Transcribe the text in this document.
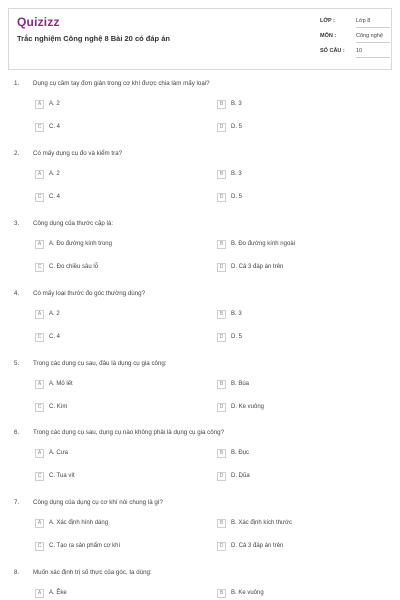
Quizizz
Trắc nghiệm Công nghệ 8 Bài 20 có đáp án
LỚP :	Lớp 8
MÔN :	Công nghệ
SỐ CÂU :	10
1. Dụng cụ cầm tay đơn giản trong cơ khí được chia làm mấy loại?
A	A. 2	B	B. 3
C	C. 4	D	D. 5
2. Có mấy dụng cụ đo và kiểm tra?
A	A. 2	B	B. 3
C	C. 4	D	D. 5
3. Công dụng của thước cặp là:
A	A. Đo đường kính trong	B	B. Đo đường kính ngoài
C	C. Đo chiều sâu lỗ	D	D. Cả 3 đáp án trên
4. Có mấy loại thước đo góc thường dùng?
A	A. 2	B	B. 3
C	C. 4	D	D. 5
5. Trong các dụng cụ sau, đâu là dụng cụ gia công:
A	A. Mỏ lết	B	B. Búa
C	C. Kìm	D	D. Ke vuông
6. Trong các dụng cụ sau, dụng cụ nào không phải là dụng cụ gia công?
A	A. Cưa	B	B. Đục
C	C. Tua vít	D	D. Dũa
7. Công dụng của dụng cụ cơ khí nói chung là gì?
A	A. Xác định hình dáng	B	B. Xác định kích thước
C	C. Tạo ra sản phẩm cơ khí	D	D. Cả 3 đáp án trên
8. Muốn xác định trị số thực của góc, ta dùng:
A	A. Êke	B	B. Ke vuông
